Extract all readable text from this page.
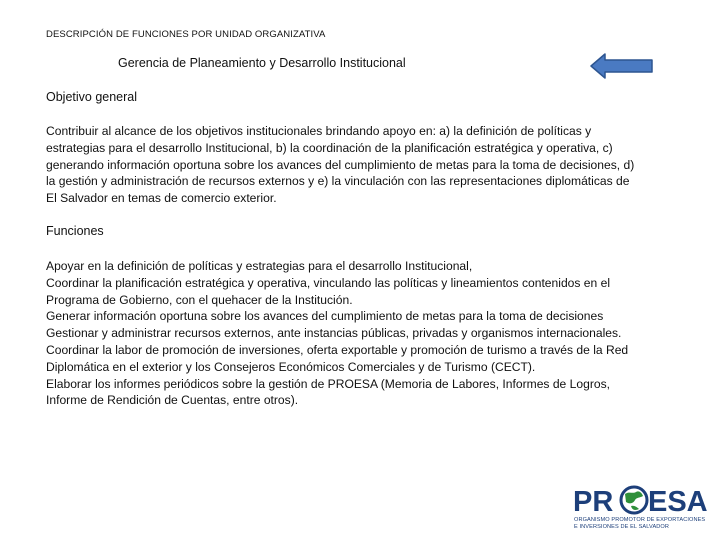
DESCRIPCIÓN DE FUNCIONES POR UNIDAD ORGANIZATIVA
Gerencia de Planeamiento y Desarrollo Institucional
Objetivo general

Contribuir al alcance de los objetivos institucionales brindando apoyo en: a) la definición de políticas y

estrategias para el desarrollo Institucional, b) la coordinación de la planificación estratégica y operativa, c)

generando información oportuna sobre los avances del cumplimiento de metas para la toma de decisiones, d)

la gestión y administración de recursos externos y e) la vinculación con las representaciones diplomáticas de

El Salvador en temas de comercio exterior.

Funciones

Apoyar en la definición de políticas y estrategias para el desarrollo Institucional,

Coordinar la planificación estratégica y operativa, vinculando las políticas y lineamientos contenidos en el

Programa de Gobierno, con el quehacer de la Institución.

Generar información oportuna sobre los avances del cumplimiento de metas para la toma de decisiones

Gestionar y administrar recursos externos, ante instancias públicas, privadas y organismos internacionales.

Coordinar la labor de promoción de inversiones, oferta exportable y promoción de turismo a través de la Red

Diplomática en el exterior y los Consejeros Económicos Comerciales y de Turismo (CECT).

Elaborar los informes periódicos sobre la gestión de PROESA (Memoria de Labores, Informes de Logros,

Informe de Rendición de Cuentas, entre otros).

PR ESA
ORGANISMO PROMOTOR DE EXPORTACIONES
E INVERSIONES DE EL SALVADOR
